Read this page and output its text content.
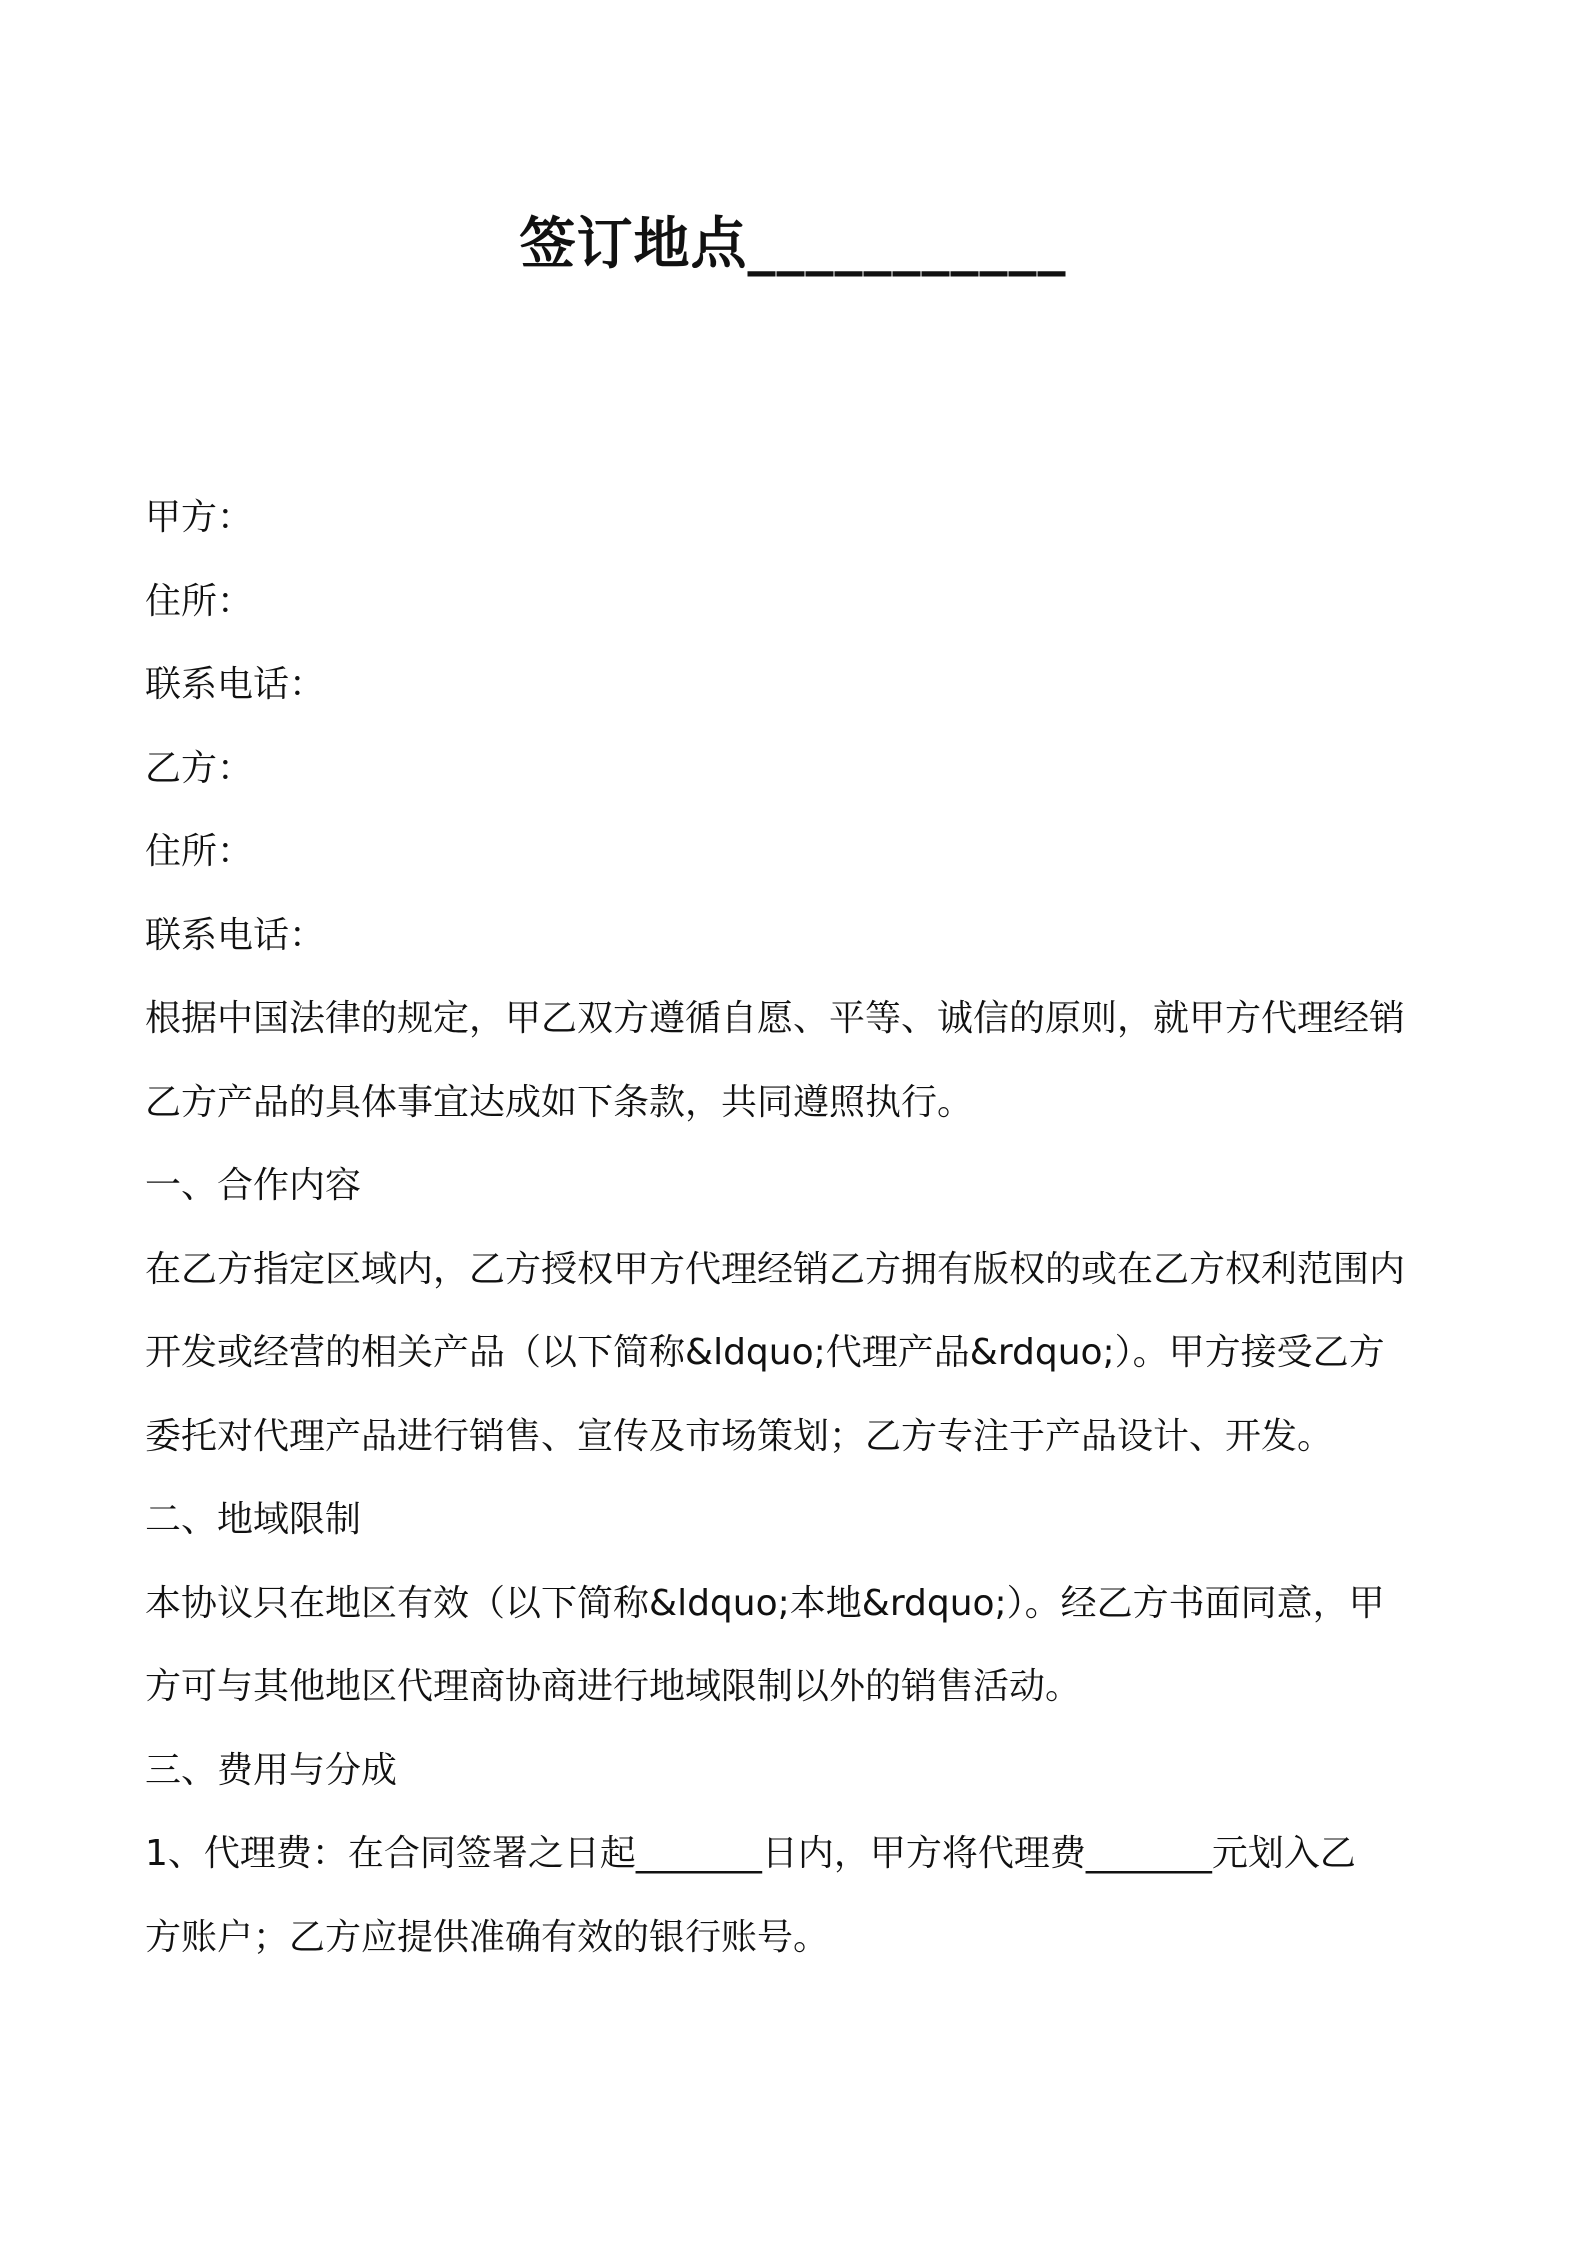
签订地点___________
甲方：
住所：
联系电话：
乙方：
住所：
联系电话：
根据中国法律的规定，甲乙双方遵循自愿、平等、诚信的原则，就甲方代理经销
乙方产品的具体事宜达成如下条款，共同遵照执行。
一、合作内容
在乙方指定区域内，乙方授权甲方代理经销乙方拥有版权的或在乙方权利范围内
开发或经营的相关产品（以下简称&ldquo;代理产品&rdquo;）。甲方接受乙方
委托对代理产品进行销售、宣传及市场策划；乙方专注于产品设计、开发。
二、地域限制
本协议只在地区有效（以下简称&ldquo;本地&rdquo;）。经乙方书面同意，甲
方可与其他地区代理商协商进行地域限制以外的销售活动。
三、费用与分成
1、代理费：在合同签署之日起_______日内，甲方将代理费_______元划入乙
方账户；乙方应提供准确有效的银行账号。
